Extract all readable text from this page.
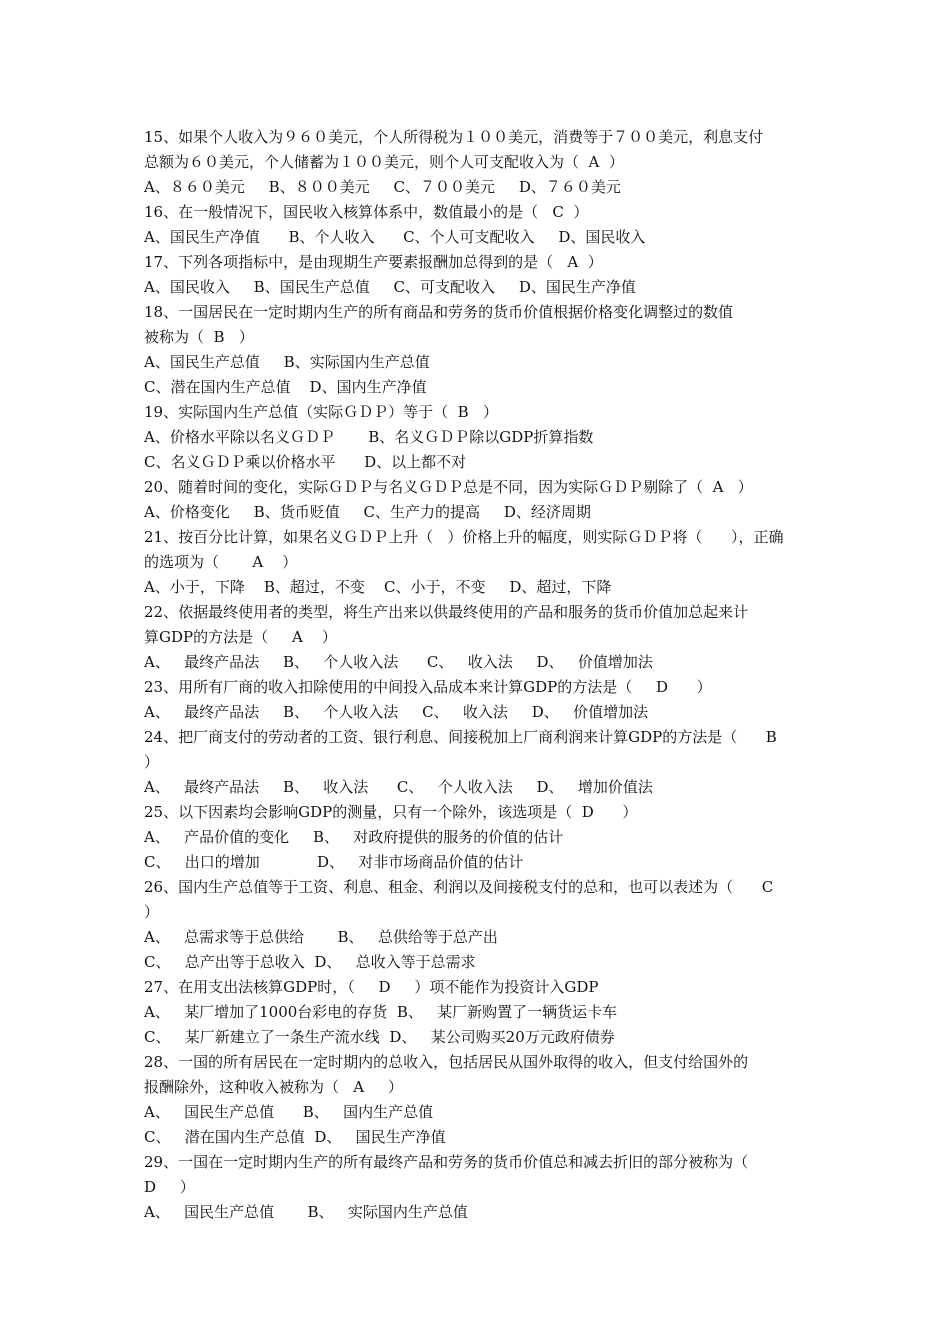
15、如果个人收入为９６０美元，个人所得税为１００美元，消费等于７００美元，利息支付
总额为６０美元，个人储蓄为１００美元，则个人可支配收入为（  A  ）
A、８６０美元     B、８００美元     C、７００美元     D、７６０美元
16、在一般情况下，国民收入核算体系中，数值最小的是（   C  ）
A、国民生产净值      B、个人收入      C、个人可支配收入     D、国民收入
17、下列各项指标中，是由现期生产要素报酬加总得到的是（   A  ）
A、国民收入     B、国民生产总值     C、可支配收入     D、国民生产净值
18、一国居民在一定时期内生产的所有商品和劳务的货币价值根据价格变化调整过的数值
被称为（  B   ）
A、国民生产总值     B、实际国内生产总值
C、潜在国内生产总值    D、国内生产净值
19、实际国内生产总值（实际ＧＤＰ）等于（  B   ）
A、价格水平除以名义ＧＤＰ       B、名义ＧＤＰ除以GDP折算指数
C、名义ＧＤＰ乘以价格水平      D、以上都不对
20、随着时间的变化，实际ＧＤＰ与名义ＧＤＰ总是不同，因为实际ＧＤＰ剔除了（  A   ）
A、价格变化     B、货币贬值     C、生产力的提高     D、经济周期
21、按百分比计算，如果名义ＧＤＰ上升（   ）价格上升的幅度，则实际ＧＤＰ将（      ），正确
的选项为（       A    ）
A、小于，下降    B、超过，不变    C、小于，不变     D、超过，下降
22、依据最终使用者的类型，将生产出来以供最终使用的产品和服务的货币价值加总起来计
算GDP的方法是（     A    ）
A、   最终产品法     B、   个人收入法      C、   收入法     D、   价值增加法
23、用所有厂商的收入扣除使用的中间投入品成本来计算GDP的方法是（     D      ）
A、   最终产品法     B、   个人收入法     C、   收入法     D、   价值增加法
24、把厂商支付的劳动者的工资、银行利息、间接税加上厂商利润来计算GDP的方法是（      B
）
A、   最终产品法     B、   收入法      C、   个人收入法     D、   增加价值法
25、以下因素均会影响GDP的测量，只有一个除外，该选项是（  D      ）
A、   产品价值的变化     B、   对政府提供的服务的价值的估计
C、   出口的增加            D、   对非市场商品价值的估计
26、国内生产总值等于工资、利息、租金、利润以及间接税支付的总和，也可以表述为（      C
）
A、   总需求等于总供给       B、   总供给等于总产出
C、   总产出等于总收入  D、   总收入等于总需求
27、在用支出法核算GDP时，（     D     ）项不能作为投资计入GDP
A、   某厂增加了1000台彩电的存货  B、   某厂新购置了一辆货运卡车
C、   某厂新建立了一条生产流水线  D、   某公司购买20万元政府债券
28、一国的所有居民在一定时期内的总收入，包括居民从国外取得的收入，但支付给国外的
报酬除外，这种收入被称为（   A     ）
A、   国民生产总值      B、   国内生产总值
C、   潜在国内生产总值  D、   国民生产净值
29、一国在一定时期内生产的所有最终产品和劳务的货币价值总和减去折旧的部分被称为（
D     ）
A、   国民生产总值       B、   实际国内生产总值
